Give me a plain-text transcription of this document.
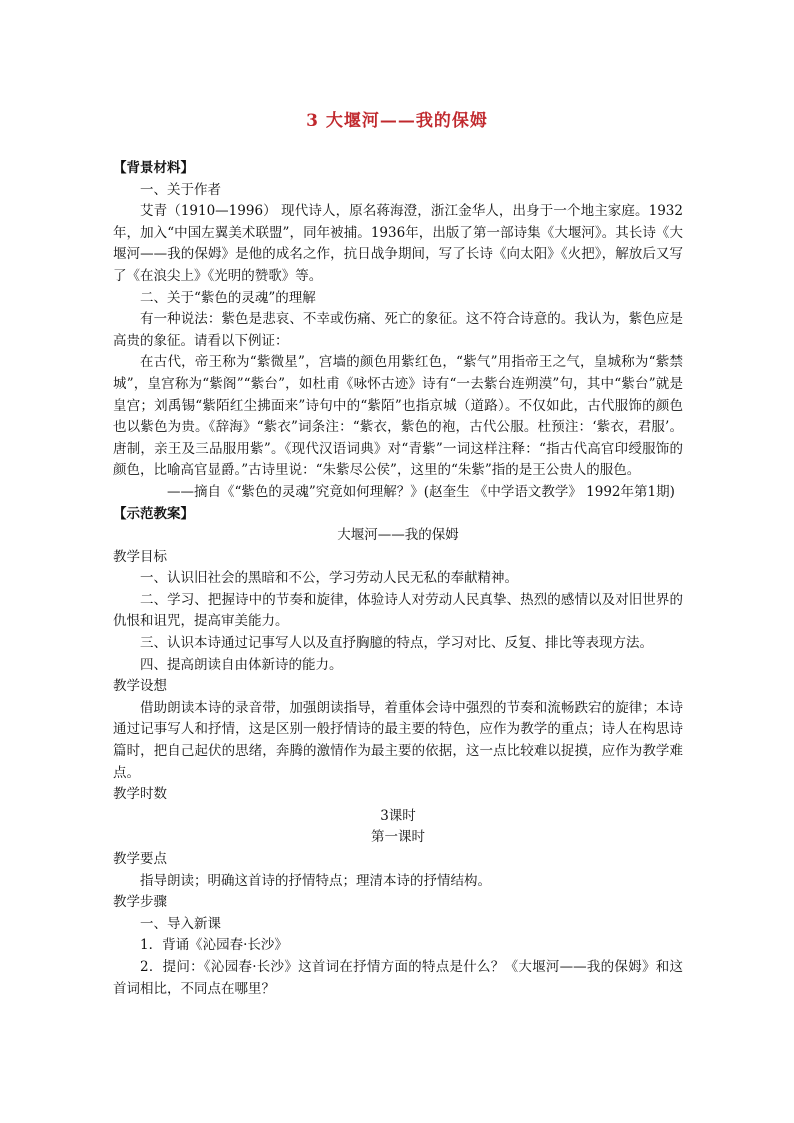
3 大堰河——我的保姆

【背景材料】

一、关于作者

艾青（1910—1996） 现代诗人，原名蒋海澄，浙江金华人，出身于一个地主家庭。1932年，加入“中国左翼美术联盟”，同年被捕。1936年，出版了第一部诗集《大堰河》。其长诗《大堰河——我的保姆》是他的成名之作，抗日战争期间，写了长诗《向太阳》《火把》，解放后又写了《在浪尖上》《光明的赞歌》等。

二、关于“紫色的灵魂”的理解

有一种说法：紫色是悲哀、不幸或伤痛、死亡的象征。这不符合诗意的。我认为，紫色应是高贵的象征。请看以下例证：

在古代，帝王称为“紫微星”，宫墙的颜色用紫红色，“紫气”用指帝王之气，皇城称为“紫禁城”，皇宫称为“紫阁”“紫台”，如杜甫《咏怀古迹》诗有“一去紫台连朔漠”句，其中“紫台”就是皇宫；刘禹锡“紫陌红尘拂面来”诗句中的“紫陌”也指京城（道路）。不仅如此，古代服饰的颜色也以紫色为贵。《辞海》“紫衣”词条注：“紫衣，紫色的袍，古代公服。杜预注：‘紫衣，君服’。唐制，亲王及三品服用紫”。《现代汉语词典》对“青紫”一词这样注释：“指古代高官印绶服饰的颜色，比喻高官显爵。”古诗里说：“朱紫尽公侯”，这里的“朱紫”指的是王公贵人的服色。

——摘自《“紫色的灵魂”究竟如何理解？》(赵奎生 《中学语文教学》 1992年第1期)

【示范教案】

大堰河——我的保姆

教学目标

一、认识旧社会的黑暗和不公，学习劳动人民无私的奉献精神。

二、学习、把握诗中的节奏和旋律，体验诗人对劳动人民真挚、热烈的感情以及对旧世界的仇恨和诅咒，提高审美能力。

三、认识本诗通过记事写人以及直抒胸臆的特点，学习对比、反复、排比等表现方法。

四、提高朗读自由体新诗的能力。

教学设想

借助朗读本诗的录音带，加强朗读指导，着重体会诗中强烈的节奏和流畅跌宕的旋律；本诗通过记事写人和抒情，这是区别一般抒情诗的最主要的特色，应作为教学的重点；诗人在构思诗篇时，把自己起伏的思绪，奔腾的激情作为最主要的依据，这一点比较难以捉摸，应作为教学难点。

教学时数

3课时

第一课时

教学要点

指导朗读；明确这首诗的抒情特点；理清本诗的抒情结构。

教学步骤

一、导入新课

1．背诵《沁园春·长沙》

2．提问：《沁园春·长沙》这首词在抒情方面的特点是什么？《大堰河——我的保姆》和这首词相比，不同点在哪里？
